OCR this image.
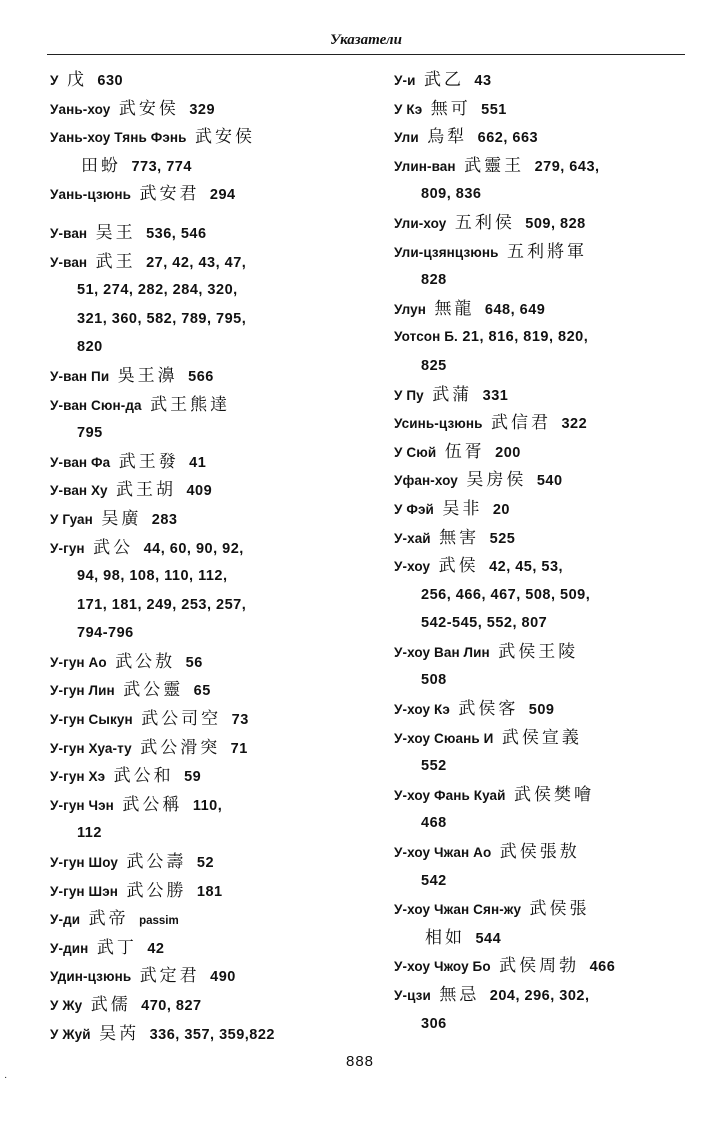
Указатели
У 戊 630
Уань-хоу 武安侯 329
Уань-хоу Тянь Фэнь 武安侯
田蚡 773, 774
Уань-цзюнь 武安君 294
У-ван 吴王 536, 546
У-ван 武王 27, 42, 43, 47,
51, 274, 282, 284, 320,
321, 360, 582, 789, 795,
820
У-ван Пи 吳王濞 566
У-ван Сюн-да 武王熊達
795
У-ван Фа 武王發 41
У-ван Ху 武王胡 409
У Гуан 吴廣 283
У-гун 武公 44, 60, 90, 92,
94, 98, 108, 110, 112,
171, 181, 249, 253, 257,
794-796
У-гун Ао 武公敖 56
У-гун Лин 武公靈 65
У-гун Сыкун 武公司空 73
У-гун Хуа-ту 武公滑突 71
У-гун Хэ 武公和 59
У-гун Чэн 武公稱 110,
112
У-гун Шоу 武公壽 52
У-гун Шэн 武公勝 181
У-ди 武帝 passim
У-дин 武丁 42
Удин-цзюнь 武定君 490
У Жу 武儒 470, 827
У Жуй 吴芮 336, 357, 359,822
У-и 武乙 43
У Кэ 無可 551
Ули 烏犁 662, 663
Улин-ван 武靈王 279, 643,
809, 836
Ули-хоу 五利侯 509, 828
Ули-цзянцзюнь 五利將軍
828
Улун 無龍 648, 649
Уотсон Б. 21, 816, 819, 820,
825
У Пу 武蒲 331
Усинь-цзюнь 武信君 322
У Сюй 伍胥 200
Уфан-хоу 吴房侯 540
У Фэй 吴非 20
У-хай 無害 525
У-хоу 武侯 42, 45, 53,
256, 466, 467, 508, 509,
542-545, 552, 807
У-хоу Ван Лин 武侯王陵
508
У-хоу Кэ 武侯客 509
У-хоу Сюань И 武侯宣義
552
У-хоу Фань Куай 武侯樊噲
468
У-хоу Чжан Ао 武侯張敖
542
У-хоу Чжан Сян-жу 武侯張
相如 544
У-хоу Чжоу Бо 武侯周勃 466
У-цзи 無忌 204, 296, 302,
306
888
·
